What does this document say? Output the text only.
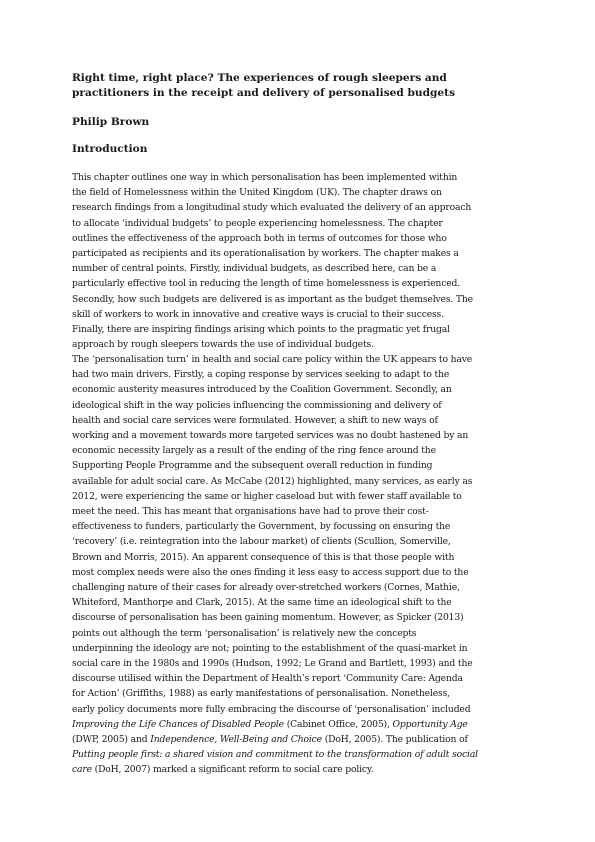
Right time, right place? The experiences of rough sleepers and practitioners in the receipt and delivery of personalised budgets
Philip Brown
Introduction
This chapter outlines one way in which personalisation has been implemented within
the field of Homelessness within the United Kingdom (UK). The chapter draws on
research findings from a longitudinal study which evaluated the delivery of an approach
to allocate ‘individual budgets’ to people experiencing homelessness. The chapter
outlines the effectiveness of the approach both in terms of outcomes for those who
participated as recipients and its operationalisation by workers. The chapter makes a
number of central points. Firstly, individual budgets, as described here, can be a
particularly effective tool in reducing the length of time homelessness is experienced.
Secondly, how such budgets are delivered is as important as the budget themselves. The
skill of workers to work in innovative and creative ways is crucial to their success.
Finally, there are inspiring findings arising which points to the pragmatic yet frugal
approach by rough sleepers towards the use of individual budgets.
The ‘personalisation turn’ in health and social care policy within the UK appears to have
had two main drivers. Firstly, a coping response by services seeking to adapt to the
economic austerity measures introduced by the Coalition Government. Secondly, an
ideological shift in the way policies influencing the commissioning and delivery of
health and social care services were formulated. However, a shift to new ways of
working and a movement towards more targeted services was no doubt hastened by an
economic necessity largely as a result of the ending of the ring fence around the
Supporting People Programme and the subsequent overall reduction in funding
available for adult social care. As McCabe (2012) highlighted, many services, as early as
2012, were experiencing the same or higher caseload but with fewer staff available to
meet the need. This has meant that organisations have had to prove their cost-
effectiveness to funders, particularly the Government, by focussing on ensuring the
‘recovery’ (i.e. reintegration into the labour market) of clients (Scullion, Somerville,
Brown and Morris, 2015). An apparent consequence of this is that those people with
most complex needs were also the ones finding it less easy to access support due to the
challenging nature of their cases for already over-stretched workers (Cornes, Mathie,
Whiteford, Manthorpe and Clark, 2015). At the same time an ideological shift to the
discourse of personalisation has been gaining momentum. However, as Spicker (2013)
points out although the term ‘personalisation’ is relatively new the concepts
underpinning the ideology are not; pointing to the establishment of the quasi-market in
social care in the 1980s and 1990s (Hudson, 1992; Le Grand and Bartlett, 1993) and the
discourse utilised within the Department of Health’s report ‘Community Care: Agenda
for Action’ (Griffiths, 1988) as early manifestations of personalisation. Nonetheless,
early policy documents more fully embracing the discourse of ‘personalisation’ included
Improving the Life Chances of Disabled People (Cabinet Office, 2005), Opportunity Age
(DWP, 2005) and Independence, Well-Being and Choice (DoH, 2005). The publication of
Putting people first: a shared vision and commitment to the transformation of adult social
care (DoH, 2007) marked a significant reform to social care policy.
